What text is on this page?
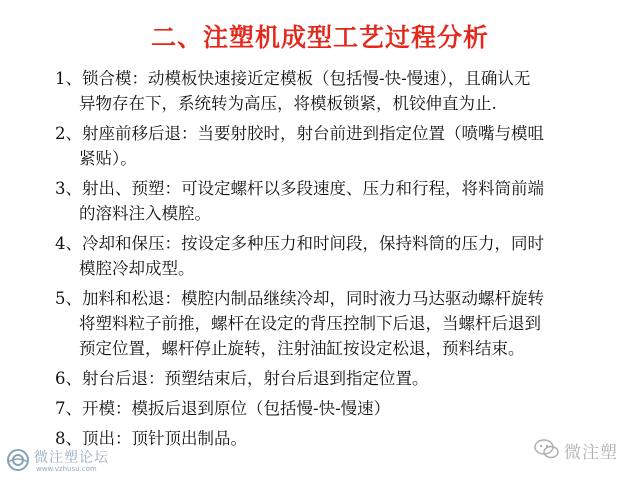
二、注塑机成型工艺过程分析
1、锁合模：动模板快速接近定模板（包括慢-快-慢速），且确认无
异物存在下，系统转为高压，将模板锁紧，机铰伸直为止.
2、射座前移后退：当要射胶时，射台前进到指定位置（喷嘴与模咀
紧贴）。
3、射出、预塑：可设定螺杆以多段速度、压力和行程，将料筒前端
的溶料注入模腔。
4、冷却和保压：按设定多种压力和时间段，保持料筒的压力，同时
模腔冷却成型。
5、加料和松退：模腔内制品继续冷却，同时液力马达驱动螺杆旋转
将塑料粒子前推，螺杆在设定的背压控制下后退，当螺杆后退到
预定位置，螺杆停止旋转，注射油缸按设定松退，预料结束。
6、射台后退：预塑结束后，射台后退到指定位置。
7、开模：模扳后退到原位（包括慢-快-慢速）
8、顶出：顶针顶出制品。
微注塑论坛
www.vzhusu.com
微注塑
